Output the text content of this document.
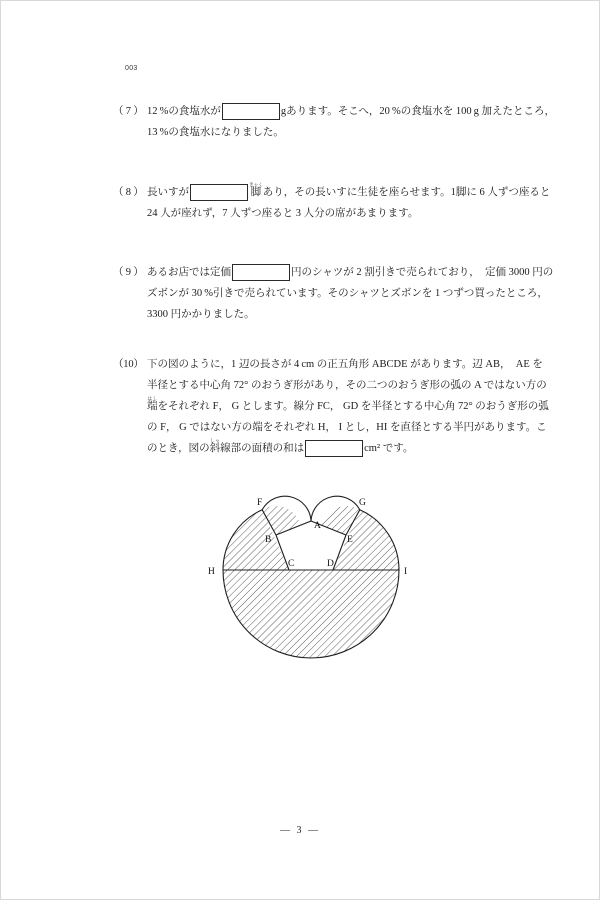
003
（ 7 ） 12 %の食塩水が	gあります。そこへ，20 %の食塩水を 100 g 加えたところ，
13 %の食塩水になりました。
（ 8 ） 長いすが	脚きゃく
あり，その長いすに生徒を座らせます。1脚に 6 人ずつ座ると
24 人が座れず，7 人ずつ座ると 3 人分の席があまります。
（ 9 ） あるお店では定価	円のシャツが 2 割引きで売られており，　定価 3000 円の
ズボンが 30 %引きで売られています。そのシャツとズボンを 1 つずつ買ったところ，
3300 円かかりました。
（10） 下の図のように，1 辺の長さが 4 cm の正五角形 ABCDE があります。辺 AB，　AE を
半径とする中心角 72° のおうぎ形があり，その二つのおうぎ形の弧の A ではない方の
端はし
をそれぞれ F， G とします。線分 FC， GD を半径とする中心角 72° のおうぎ形の弧
の F， G ではない方の端をそれぞれ H， I とし，HI を直径とする半円があります。こ
のとき，図の 斜しゃ
線部の面積の和は	cm² です。
A
B
C	D
E
F	G
H	I
— 3 —
